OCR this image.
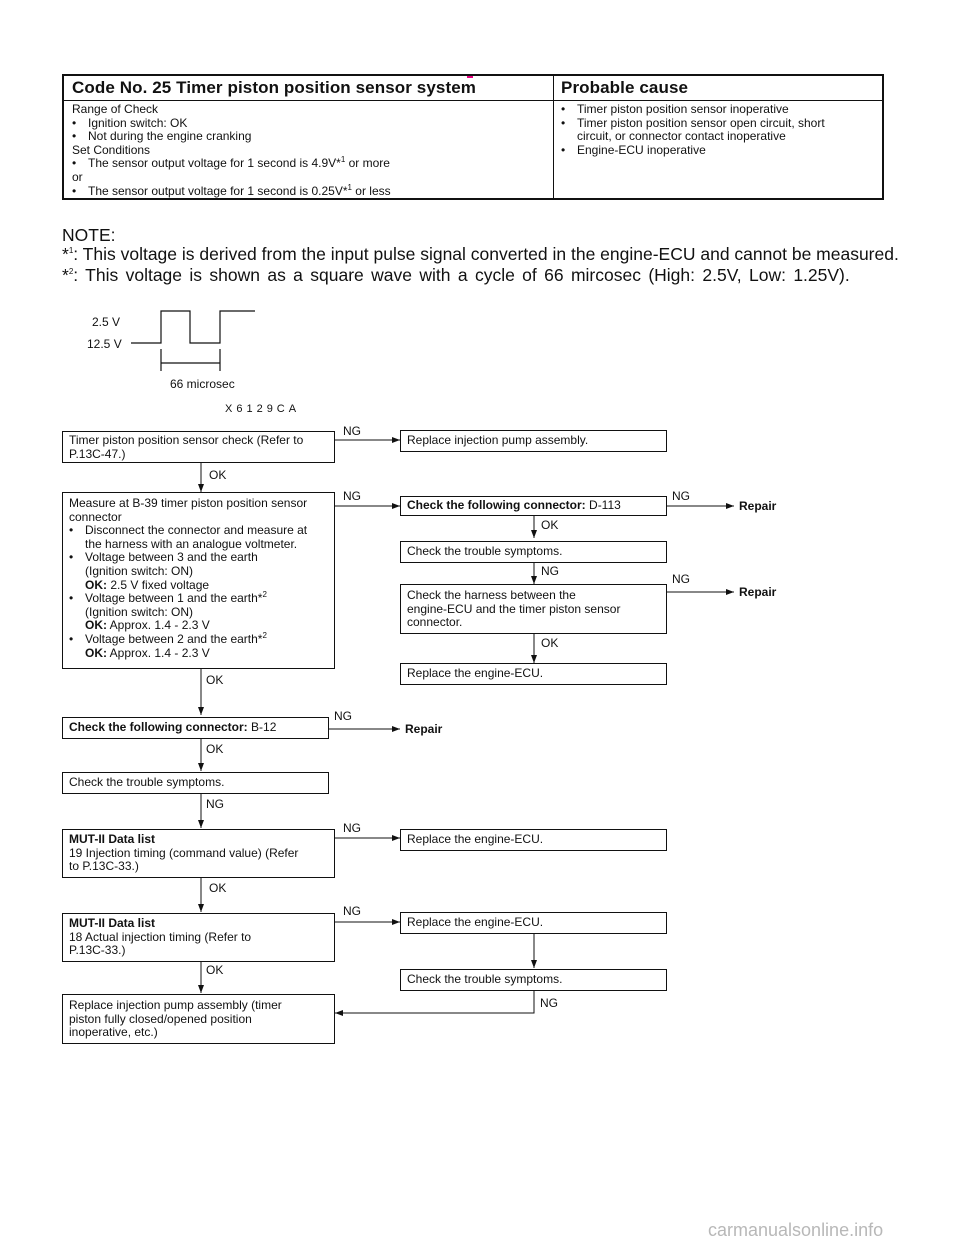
Code No. 25 Timer piston position sensor system	Probable cause
Range of Check
• Ignition switch: OK
• Not during the engine cranking
Set Conditions
• The sensor output voltage for 1 second is 4.9V*$^1$ or more
or
• The sensor output voltage for 1 second is 0.25V*$^1$ or less
• Timer piston position sensor inoperative
• Timer piston position sensor open circuit, short
circuit, or connector contact inoperative
• Engine-ECU inoperative
NOTE:
*$^1$: This voltage is derived from the input pulse signal converted in the engine-ECU and cannot be measured.
*$^2$: This voltage is shown as a square wave with a cycle of 66 mircosec (High: 2.5V, Low: 1.25V).
2.5 V
12.5 V
66 microsec
X6129CA
Timer piston position sensor check (Refer to
P.13C-47.)
Replace injection pump assembly.
Measure at B-39 timer piston position sensor
connector
• Disconnect the connector and measure at
the harness with an analogue voltmeter.
• Voltage between 3 and the earth
(Ignition switch: ON)
OK: 2.5 V fixed voltage
• Voltage between 1 and the earth*$^2$
(Ignition switch: ON)
OK: Approx. 1.4 - 2.3 V
• Voltage between 2 and the earth*$^2$
OK: Approx. 1.4 - 2.3 V
Check the following connector: D-113
Check the trouble symptoms.
Check the harness between the
engine-ECU and the timer piston sensor
connector.
Replace the engine-ECU.
Check the following connector: B-12
Check the trouble symptoms.
MUT-II Data list
19 Injection timing (command value) (Refer
to P.13C-33.)
Replace the engine-ECU.
MUT-II Data list
18 Actual injection timing (Refer to
P.13C-33.)
Replace the engine-ECU.
Check the trouble symptoms.
Replace injection pump assembly (timer
piston fully closed/opened position
inoperative, etc.)
NG
OK
NG	NG
Repair
OK
NG
NG
Repair
OK
OK
NG
Repair
OK
NG
NG
OK
NG
OK
NG
carmanualsonline.info
